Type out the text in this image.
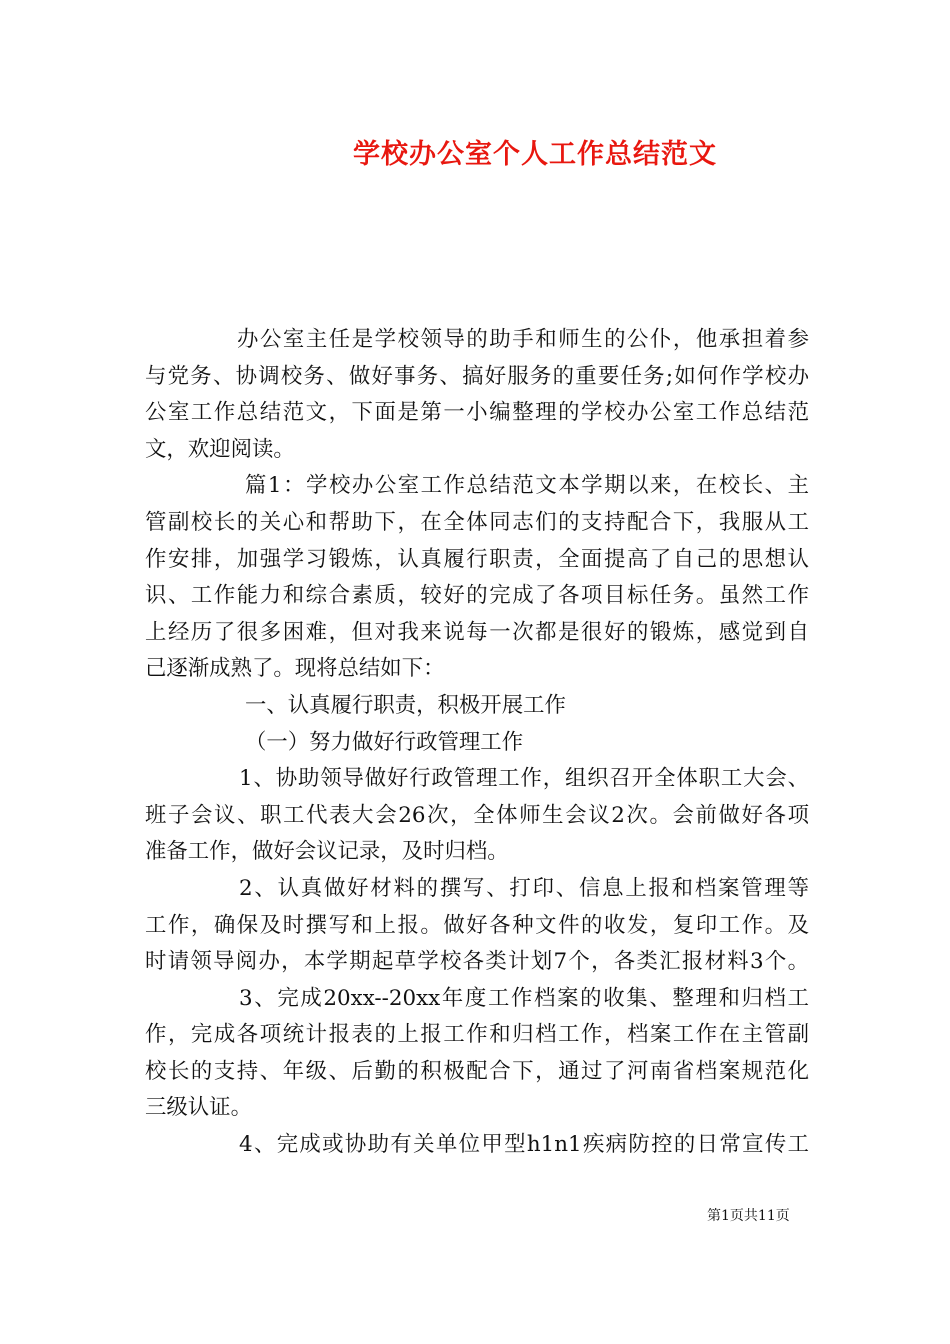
学校办公室个人工作总结范文
办公室主任是学校领导的助手和师生的公仆，他承担着参
与党务、协调校务、做好事务、搞好服务的重要任务;如何作学校办
公室工作总结范文，下面是第一小编整理的学校办公室工作总结范
文，欢迎阅读。
篇1：学校办公室工作总结范文本学期以来，在校长、主
管副校长的关心和帮助下，在全体同志们的支持配合下，我服从工
作安排，加强学习锻炼，认真履行职责，全面提高了自己的思想认
识、工作能力和综合素质，较好的完成了各项目标任务。虽然工作
上经历了很多困难，但对我来说每一次都是很好的锻炼，感觉到自
己逐渐成熟了。现将总结如下：
一、认真履行职责，积极开展工作
（一）努力做好行政管理工作
1、协助领导做好行政管理工作，组织召开全体职工大会、
班子会议、职工代表大会26次，全体师生会议2次。会前做好各项
准备工作，做好会议记录，及时归档。
2、认真做好材料的撰写、打印、信息上报和档案管理等
工作，确保及时撰写和上报。做好各种文件的收发，复印工作。及
时请领导阅办，本学期起草学校各类计划7个，各类汇报材料3个。
3、完成20xx--20xx年度工作档案的收集、整理和归档工
作，完成各项统计报表的上报工作和归档工作，档案工作在主管副
校长的支持、年级、后勤的积极配合下，通过了河南省档案规范化
三级认证。
4、完成或协助有关单位甲型h1n1疾病防控的日常宣传工
第1页共11页
